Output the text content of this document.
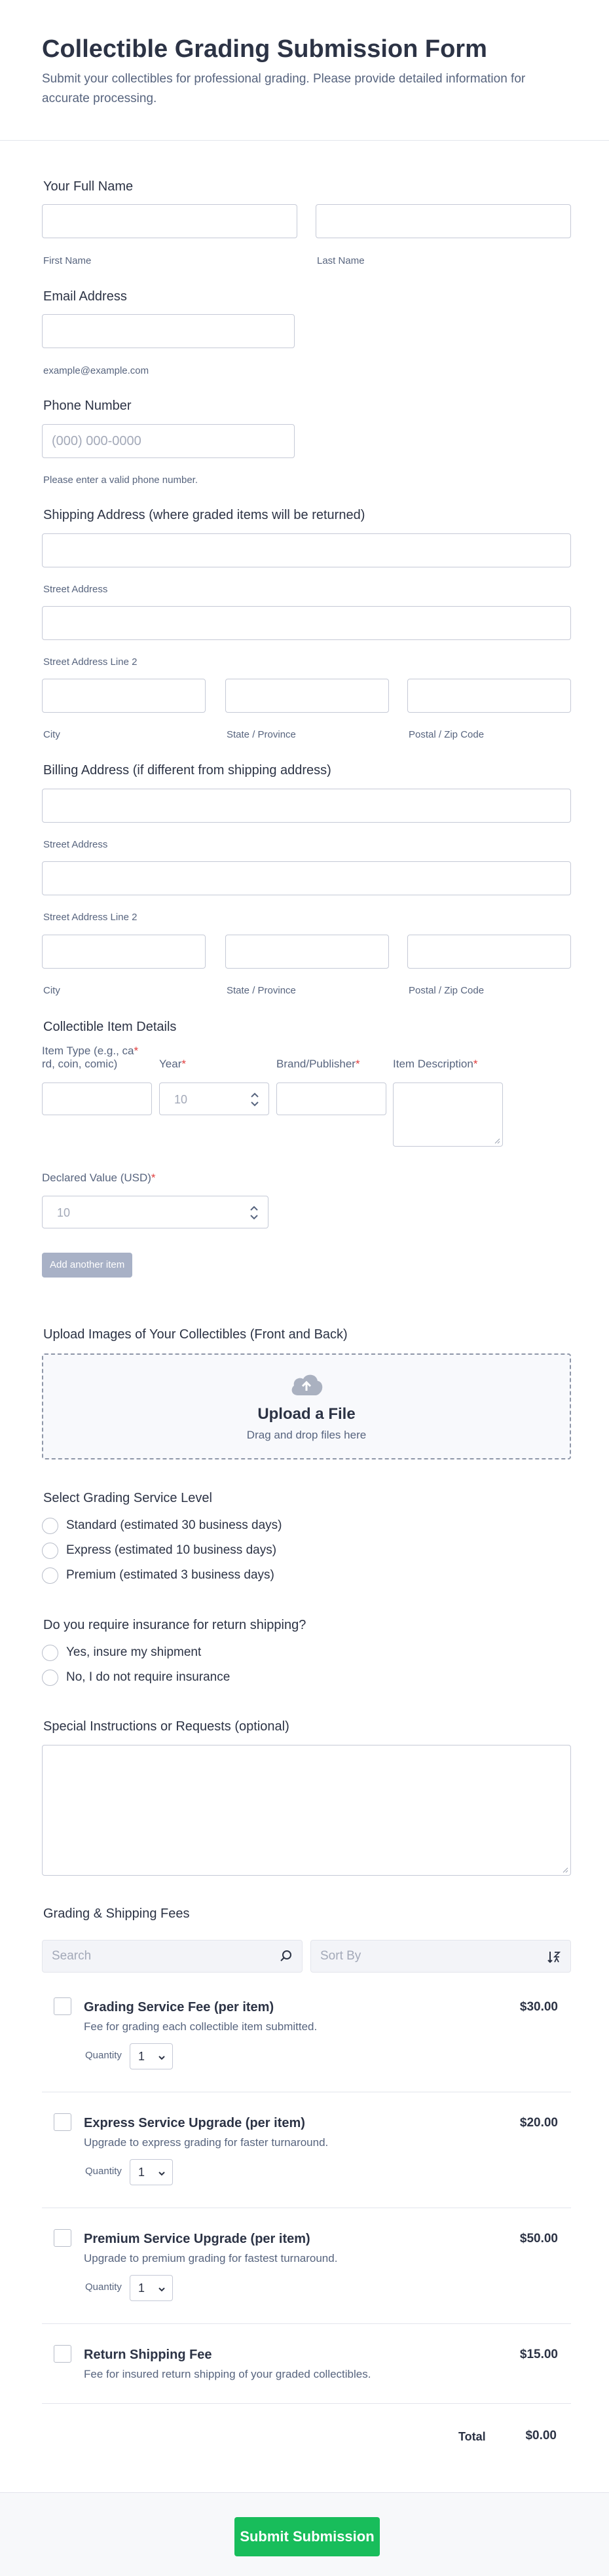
Collectible Grading Submission Form
Submit your collectibles for professional grading. Please provide detailed information for accurate processing.
Your Full Name
First Name	Last Name
Email Address
example@example.com
Phone Number
(000) 000-0000
Please enter a valid phone number.
Shipping Address (where graded items will be returned)
Street Address
Street Address Line 2
City	State / Province	Postal / Zip Code
Billing Address (if different from shipping address)
Street Address
Street Address Line 2
City	State / Province	Postal / Zip Code
Collectible Item Details
Item Type (e.g., ca*
rd, coin, comic)	Year*	Brand/Publisher*	Item Description*
10
Declared Value (USD)*
10
Add another item
Upload Images of Your Collectibles (Front and Back)
Upload a File
Drag and drop files here
Select Grading Service Level
Standard (estimated 30 business days)
Express (estimated 10 business days)
Premium (estimated 3 business days)
Do you require insurance for return shipping?
Yes, insure my shipment
No, I do not require insurance
Special Instructions or Requests (optional)
Grading & Shipping Fees
Search	Sort By
Grading Service Fee (per item)
Fee for grading each collectible item submitted.
$30.00
Quantity 1
Express Service Upgrade (per item)
Upgrade to express grading for faster turnaround.
$20.00
Quantity 1
Premium Service Upgrade (per item)
Upgrade to premium grading for fastest turnaround.
$50.00
Quantity 1
Return Shipping Fee
Fee for insured return shipping of your graded collectibles.
$15.00
Total	$0.00
Submit Submission
